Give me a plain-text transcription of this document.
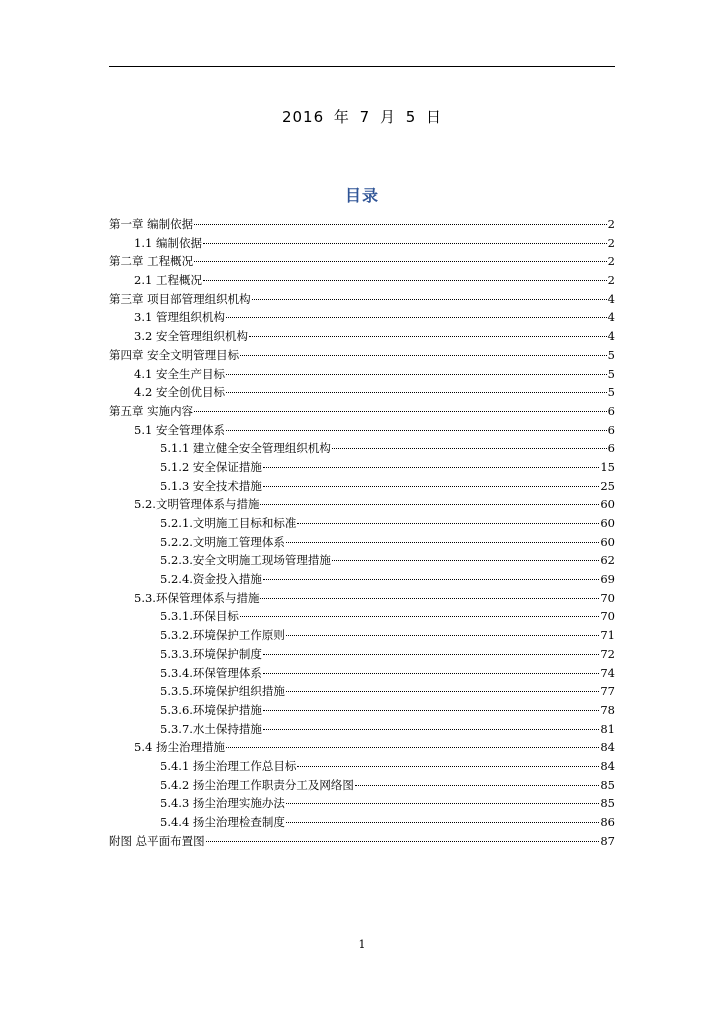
2016 年 7 月 5 日
目录
第一章 编制依据	2
1.1 编制依据	2
第二章 工程概况	2
2.1 工程概况	2
第三章 项目部管理组织机构	4
3.1 管理组织机构	4
3.2 安全管理组织机构	4
第四章 安全文明管理目标	5
4.1 安全生产目标	5
4.2 安全创优目标	5
第五章 实施内容	6
5.1 安全管理体系	6
5.1.1 建立健全安全管理组织机构	6
5.1.2 安全保证措施	15
5.1.3 安全技术措施	25
5.2.文明管理体系与措施	60
5.2.1.文明施工目标和标准	60
5.2.2.文明施工管理体系	60
5.2.3.安全文明施工现场管理措施	62
5.2.4.资金投入措施	69
5.3.环保管理体系与措施	70
5.3.1.环保目标	70
5.3.2.环境保护工作原则	71
5.3.3.环境保护制度	72
5.3.4.环保管理体系	74
5.3.5.环境保护组织措施	77
5.3.6.环境保护措施	78
5.3.7.水土保持措施	81
5.4 扬尘治理措施	84
5.4.1 扬尘治理工作总目标	84
5.4.2 扬尘治理工作职责分工及网络图	85
5.4.3 扬尘治理实施办法	85
5.4.4 扬尘治理检查制度	86
附图 总平面布置图	87
1
